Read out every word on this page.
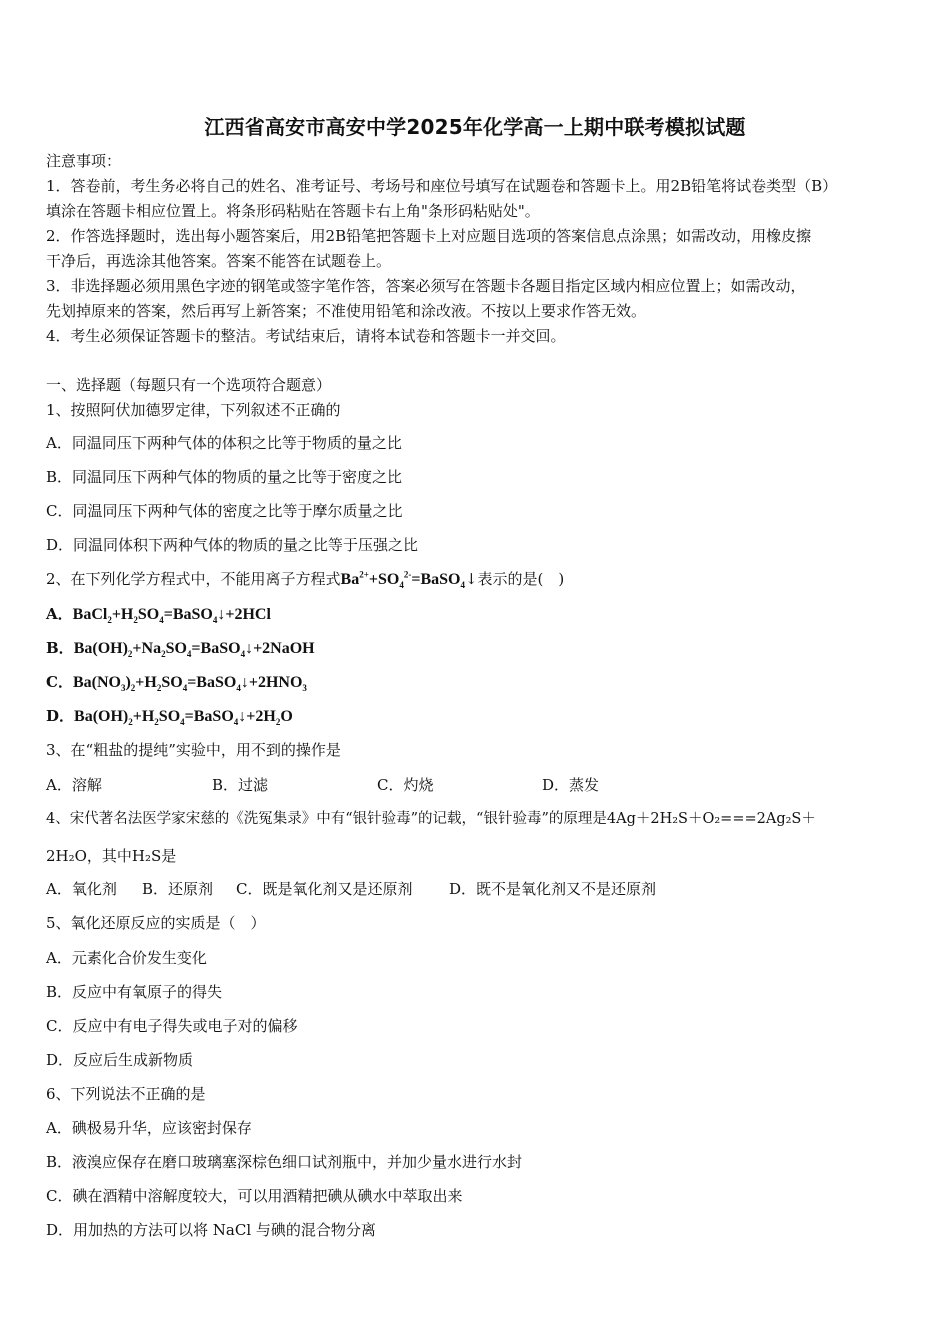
江西省高安市高安中学2025年化学高一上期中联考模拟试题
注意事项：
1．答卷前，考生务必将自己的姓名、准考证号、考场号和座位号填写在试题卷和答题卡上。用2B铅笔将试卷类型（B）
填涂在答题卡相应位置上。将条形码粘贴在答题卡右上角"条形码粘贴处"。
2．作答选择题时，选出每小题答案后，用2B铅笔把答题卡上对应题目选项的答案信息点涂黑；如需改动，用橡皮擦
干净后，再选涂其他答案。答案不能答在试题卷上。
3．非选择题必须用黑色字迹的钢笔或签字笔作答，答案必须写在答题卡各题目指定区域内相应位置上；如需改动，
先划掉原来的答案，然后再写上新答案；不准使用铅笔和涂改液。不按以上要求作答无效。
4．考生必须保证答题卡的整洁。考试结束后，请将本试卷和答题卡一并交回。
一、选择题（每题只有一个选项符合题意）
1、按照阿伏加德罗定律，下列叙述不正确的
A．同温同压下两种气体的体积之比等于物质的量之比
B．同温同压下两种气体的物质的量之比等于密度之比
C．同温同压下两种气体的密度之比等于摩尔质量之比
D．同温同体积下两种气体的物质的量之比等于压强之比
2、在下列化学方程式中，不能用离子方程式$Ba^{2+}+SO_4^{2-}=BaSO_4↓$表示的是(　)
A．$BaCl_2+H_2SO_4=BaSO_4↓+2HCl$
B．$Ba(OH)_2+Na_2SO_4=BaSO_4↓+2NaOH$
C．$Ba(NO_3)_2+H_2SO_4=BaSO_4↓+2HNO_3$
D．$Ba(OH)_2+H_2SO_4=BaSO_4↓+2H_2O$
3、在“粗盐的提纯”实验中，用不到的操作是
A．溶解	B．过滤	C．灼烧	D．蒸发
4、宋代著名法医学家宋慈的《洗冤集录》中有“银针验毒”的记载，“银针验毒”的原理是4Ag＋2H₂S＋O₂===2Ag₂S＋
2H₂O，其中H₂S是
A．氧化剂 B．还原剂 C．既是氧化剂又是还原剂 D．既不是氧化剂又不是还原剂
5、氧化还原反应的实质是（　）
A．元素化合价发生变化
B．反应中有氧原子的得失
C．反应中有电子得失或电子对的偏移
D．反应后生成新物质
6、下列说法不正确的是
A．碘极易升华，应该密封保存
B．液溴应保存在磨口玻璃塞深棕色细口试剂瓶中，并加少量水进行水封
C．碘在酒精中溶解度较大，可以用酒精把碘从碘水中萃取出来
D．用加热的方法可以将 NaCl 与碘的混合物分离
